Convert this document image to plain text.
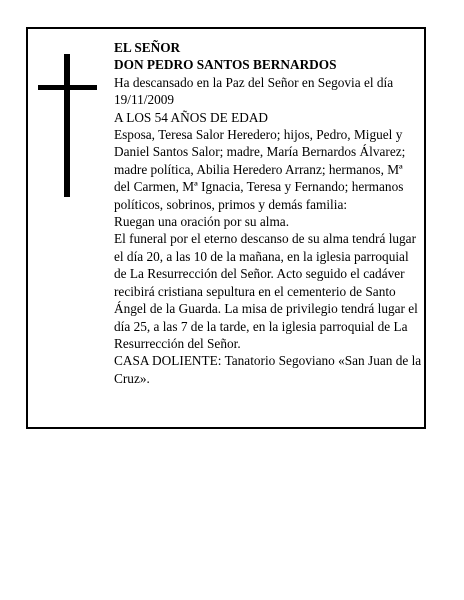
EL SEÑOR

DON PEDRO SANTOS BERNARDOS

Ha descansado en la Paz del Señor en Segovia el día

19/11/2009

A LOS 54 AÑOS DE EDAD

Esposa, Teresa Salor Heredero; hijos, Pedro, Miguel y Daniel Santos Salor; madre, María Bernardos Álvarez; madre política, Abilia Heredero Arranz; hermanos, Mª del Carmen, Mª Ignacia, Teresa y Fernando; hermanos políticos, sobrinos, primos y demás familia:

Ruegan una oración por su alma.

El funeral por el eterno descanso de su alma tendrá lugar el día 20, a las 10 de la mañana, en la iglesia parroquial de La Resurrección del Señor. Acto seguido el cadáver recibirá cristiana sepultura en el cementerio de Santo Ángel de la Guarda. La misa de privilegio tendrá lugar el día 25, a las 7 de la tarde, en la iglesia parroquial de La Resurrección del Señor.

CASA DOLIENTE: Tanatorio Segoviano «San Juan de la Cruz».
